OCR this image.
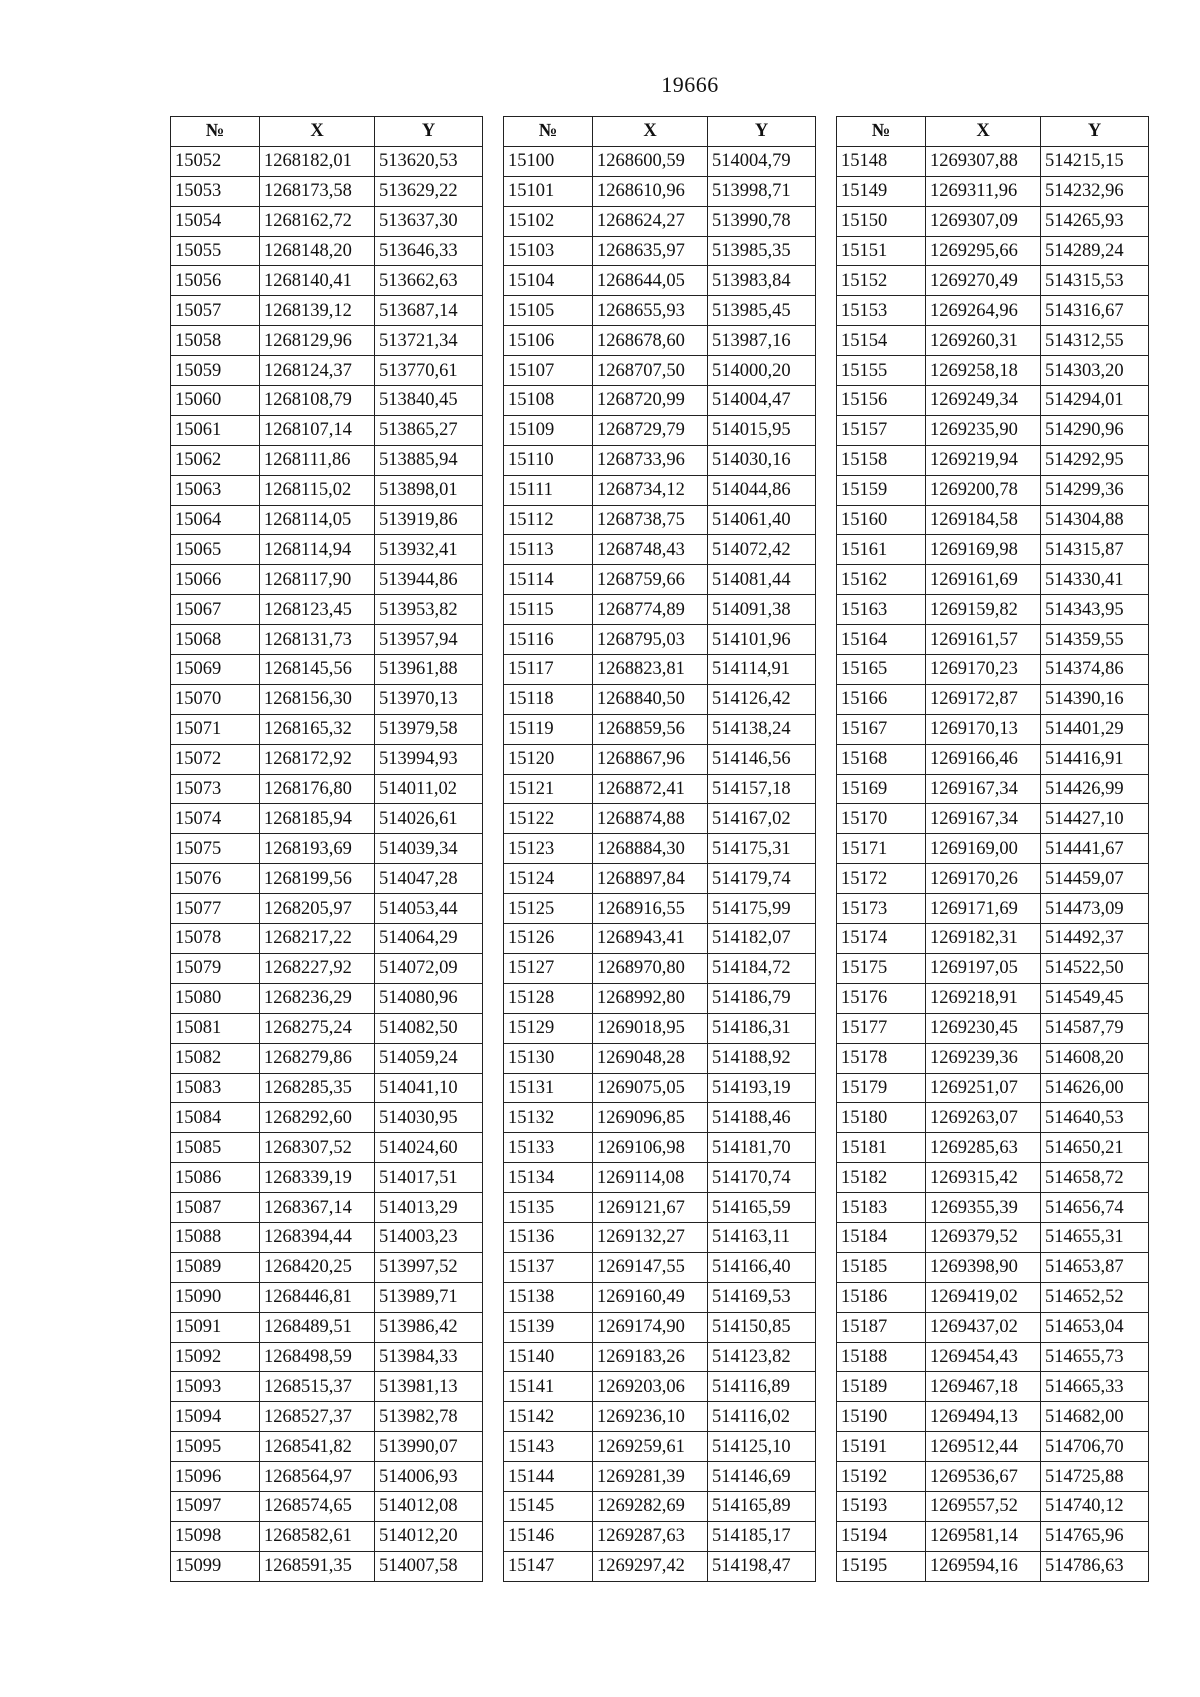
19666
№	X	Y
15052	1268182,01	513620,53
15053	1268173,58	513629,22
15054	1268162,72	513637,30
15055	1268148,20	513646,33
15056	1268140,41	513662,63
15057	1268139,12	513687,14
15058	1268129,96	513721,34
15059	1268124,37	513770,61
15060	1268108,79	513840,45
15061	1268107,14	513865,27
15062	1268111,86	513885,94
15063	1268115,02	513898,01
15064	1268114,05	513919,86
15065	1268114,94	513932,41
15066	1268117,90	513944,86
15067	1268123,45	513953,82
15068	1268131,73	513957,94
15069	1268145,56	513961,88
15070	1268156,30	513970,13
15071	1268165,32	513979,58
15072	1268172,92	513994,93
15073	1268176,80	514011,02
15074	1268185,94	514026,61
15075	1268193,69	514039,34
15076	1268199,56	514047,28
15077	1268205,97	514053,44
15078	1268217,22	514064,29
15079	1268227,92	514072,09
15080	1268236,29	514080,96
15081	1268275,24	514082,50
15082	1268279,86	514059,24
15083	1268285,35	514041,10
15084	1268292,60	514030,95
15085	1268307,52	514024,60
15086	1268339,19	514017,51
15087	1268367,14	514013,29
15088	1268394,44	514003,23
15089	1268420,25	513997,52
15090	1268446,81	513989,71
15091	1268489,51	513986,42
15092	1268498,59	513984,33
15093	1268515,37	513981,13
15094	1268527,37	513982,78
15095	1268541,82	513990,07
15096	1268564,97	514006,93
15097	1268574,65	514012,08
15098	1268582,61	514012,20
15099	1268591,35	514007,58
№	X	Y
15100	1268600,59	514004,79
15101	1268610,96	513998,71
15102	1268624,27	513990,78
15103	1268635,97	513985,35
15104	1268644,05	513983,84
15105	1268655,93	513985,45
15106	1268678,60	513987,16
15107	1268707,50	514000,20
15108	1268720,99	514004,47
15109	1268729,79	514015,95
15110	1268733,96	514030,16
15111	1268734,12	514044,86
15112	1268738,75	514061,40
15113	1268748,43	514072,42
15114	1268759,66	514081,44
15115	1268774,89	514091,38
15116	1268795,03	514101,96
15117	1268823,81	514114,91
15118	1268840,50	514126,42
15119	1268859,56	514138,24
15120	1268867,96	514146,56
15121	1268872,41	514157,18
15122	1268874,88	514167,02
15123	1268884,30	514175,31
15124	1268897,84	514179,74
15125	1268916,55	514175,99
15126	1268943,41	514182,07
15127	1268970,80	514184,72
15128	1268992,80	514186,79
15129	1269018,95	514186,31
15130	1269048,28	514188,92
15131	1269075,05	514193,19
15132	1269096,85	514188,46
15133	1269106,98	514181,70
15134	1269114,08	514170,74
15135	1269121,67	514165,59
15136	1269132,27	514163,11
15137	1269147,55	514166,40
15138	1269160,49	514169,53
15139	1269174,90	514150,85
15140	1269183,26	514123,82
15141	1269203,06	514116,89
15142	1269236,10	514116,02
15143	1269259,61	514125,10
15144	1269281,39	514146,69
15145	1269282,69	514165,89
15146	1269287,63	514185,17
15147	1269297,42	514198,47
№	X	Y
15148	1269307,88	514215,15
15149	1269311,96	514232,96
15150	1269307,09	514265,93
15151	1269295,66	514289,24
15152	1269270,49	514315,53
15153	1269264,96	514316,67
15154	1269260,31	514312,55
15155	1269258,18	514303,20
15156	1269249,34	514294,01
15157	1269235,90	514290,96
15158	1269219,94	514292,95
15159	1269200,78	514299,36
15160	1269184,58	514304,88
15161	1269169,98	514315,87
15162	1269161,69	514330,41
15163	1269159,82	514343,95
15164	1269161,57	514359,55
15165	1269170,23	514374,86
15166	1269172,87	514390,16
15167	1269170,13	514401,29
15168	1269166,46	514416,91
15169	1269167,34	514426,99
15170	1269167,34	514427,10
15171	1269169,00	514441,67
15172	1269170,26	514459,07
15173	1269171,69	514473,09
15174	1269182,31	514492,37
15175	1269197,05	514522,50
15176	1269218,91	514549,45
15177	1269230,45	514587,79
15178	1269239,36	514608,20
15179	1269251,07	514626,00
15180	1269263,07	514640,53
15181	1269285,63	514650,21
15182	1269315,42	514658,72
15183	1269355,39	514656,74
15184	1269379,52	514655,31
15185	1269398,90	514653,87
15186	1269419,02	514652,52
15187	1269437,02	514653,04
15188	1269454,43	514655,73
15189	1269467,18	514665,33
15190	1269494,13	514682,00
15191	1269512,44	514706,70
15192	1269536,67	514725,88
15193	1269557,52	514740,12
15194	1269581,14	514765,96
15195	1269594,16	514786,63
